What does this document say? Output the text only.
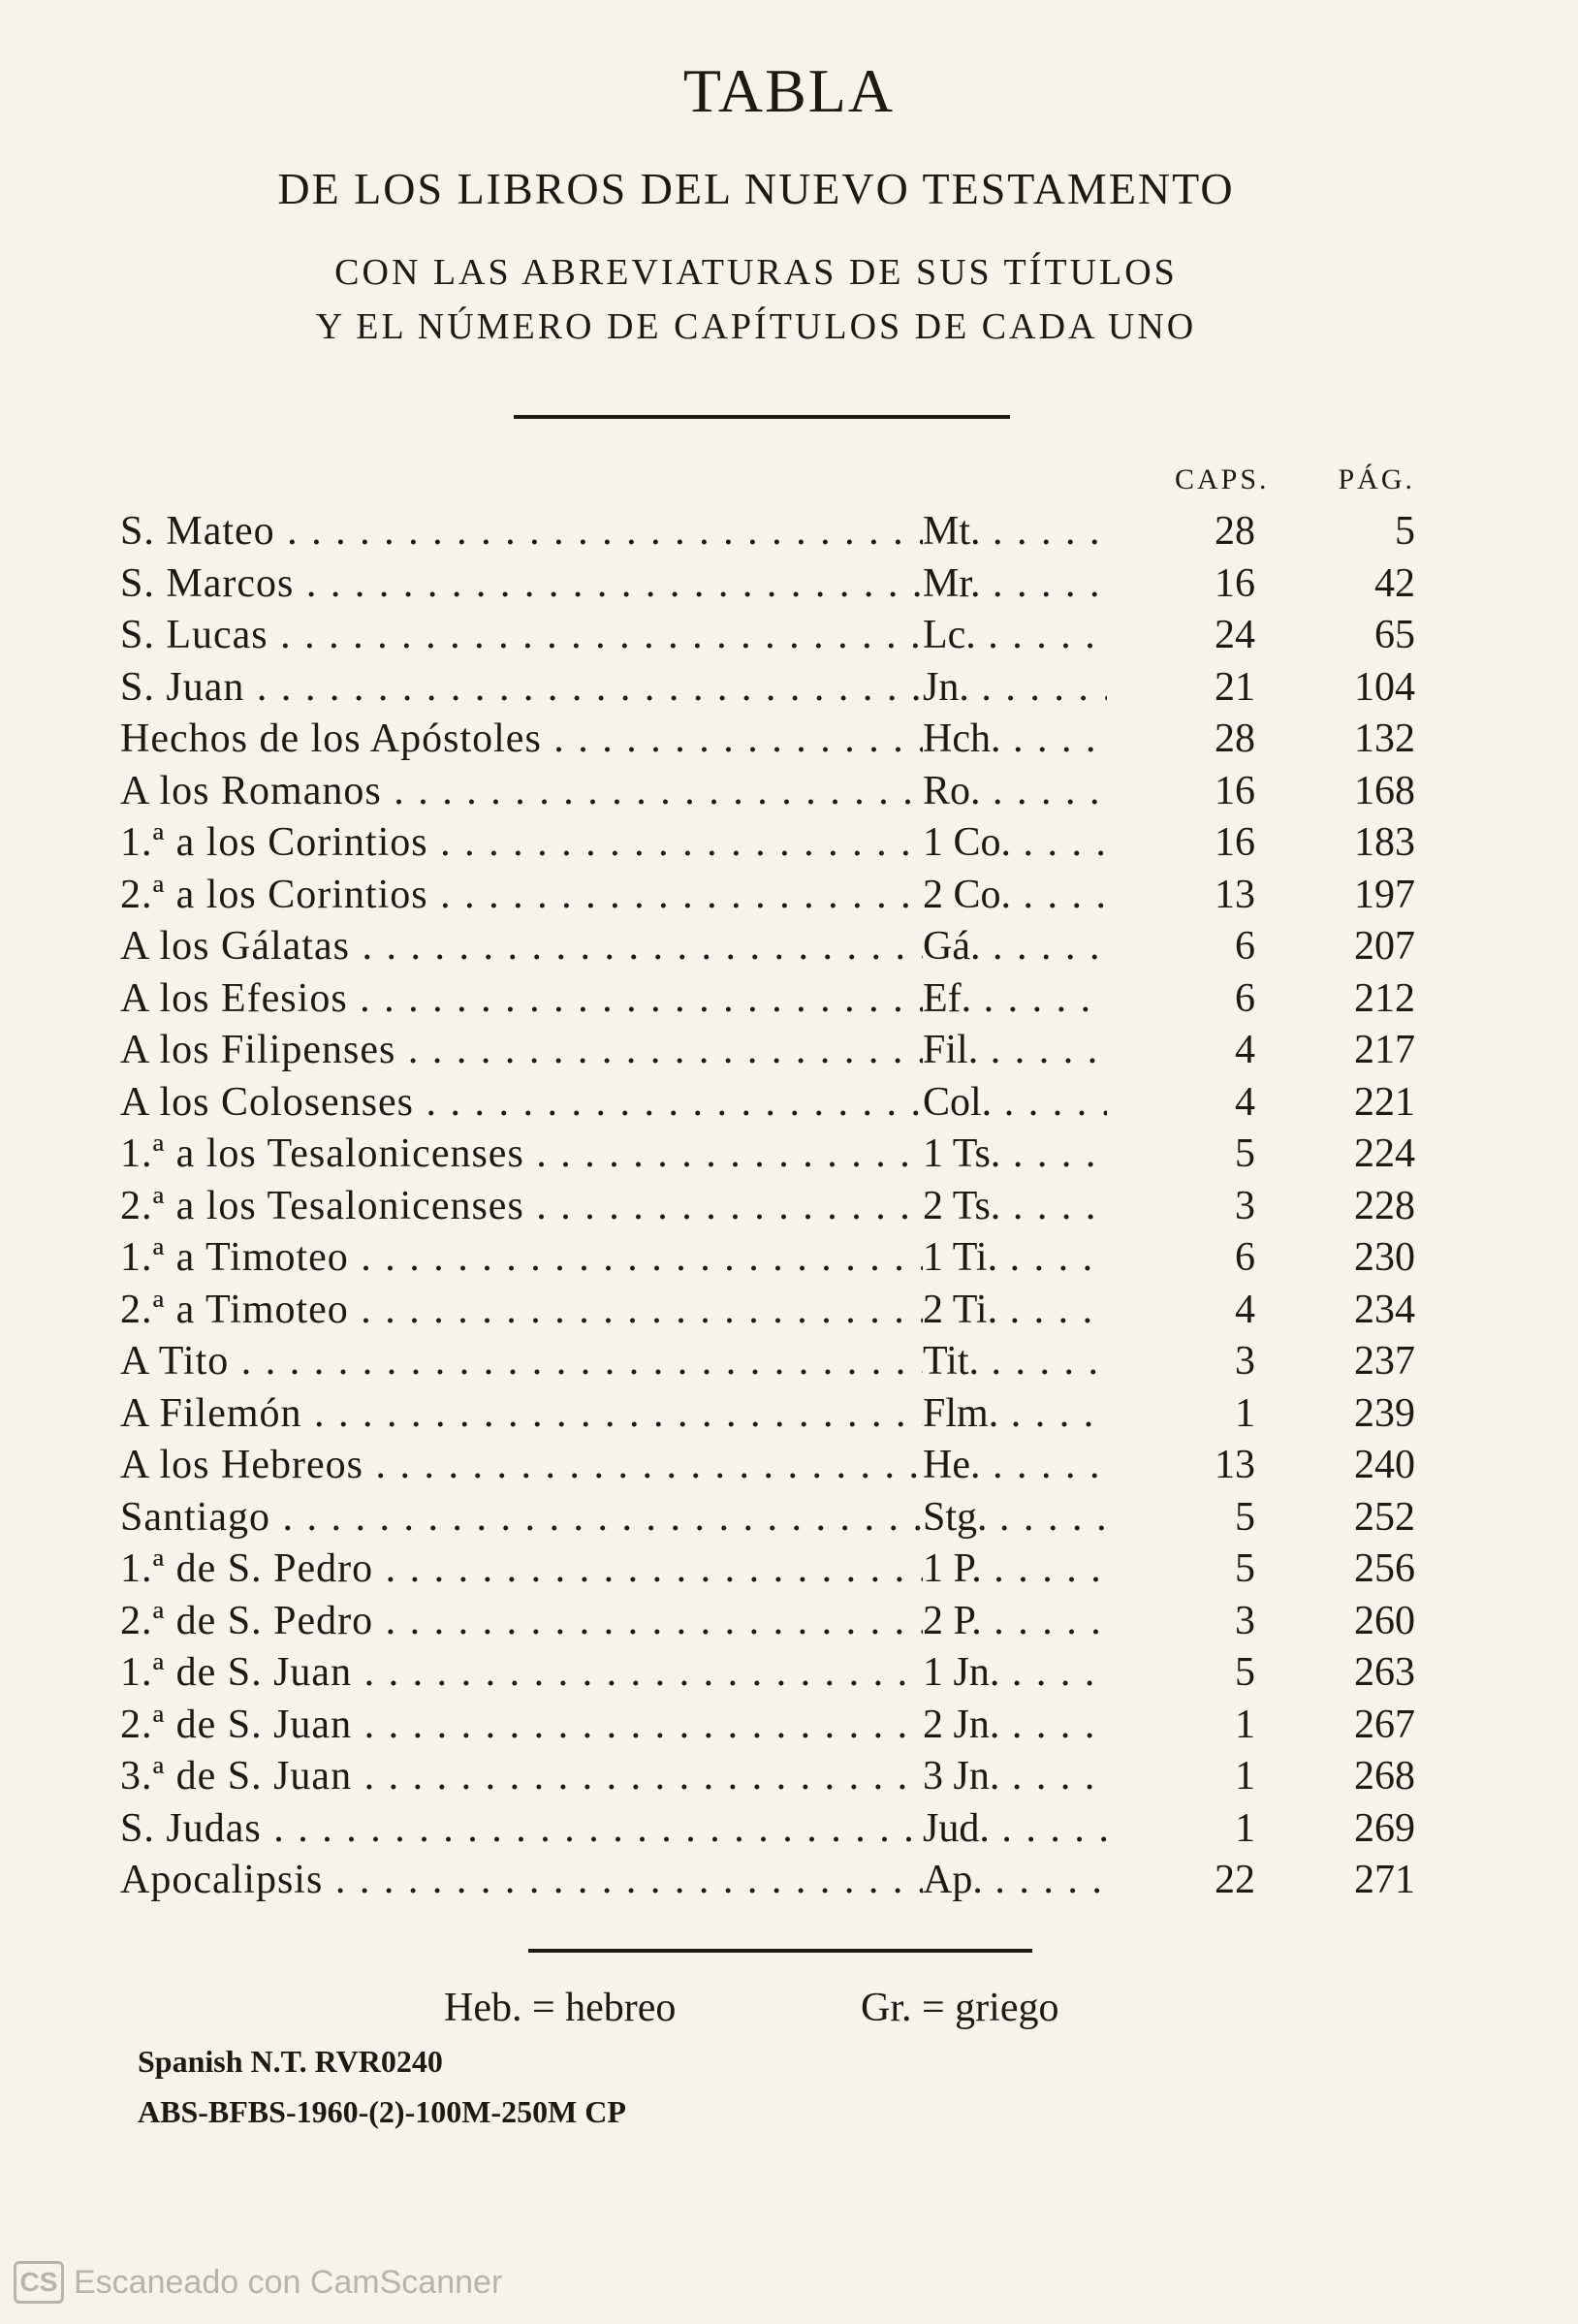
TABLA
DE LOS LIBROS DEL NUEVO TESTAMENTO
CON LAS ABREVIATURAS DE SUS TÍTULOS
Y EL NÚMERO DE CAPÍTULOS DE CADA UNO
CAPS.	PÁG.
S. Mateo . . .	Mt. . . .	28	5
S. Marcos . . .	Mr. . . .	16	42
S. Lucas . . .	Lc. . . .	24	65
S. Juan . . .	Jn. . . .	21	104
Hechos de los Apóstoles . . .	Hch. . . .	28	132
A los Romanos . . .	Ro. . . .	16	168
1.ª a los Corintios . . .	1 Co. . . .	16	183
2.ª a los Corintios . . .	2 Co. . . .	13	197
A los Gálatas . . .	Gá. . . .	6	207
A los Efesios . . .	Ef. . . .	6	212
A los Filipenses . . .	Fil. . . .	4	217
A los Colosenses . . .	Col. . . .	4	221
1.ª a los Tesalonicenses . . .	1 Ts. . . .	5	224
2.ª a los Tesalonicenses . . .	2 Ts. . . .	3	228
1.ª a Timoteo . . .	1 Ti. . . .	6	230
2.ª a Timoteo . . .	2 Ti. . . .	4	234
A Tito . . .	Tit. . . .	3	237
A Filemón . . .	Flm. . . .	1	239
A los Hebreos . . .	He. . . .	13	240
Santiago . . .	Stg. . . .	5	252
1.ª de S. Pedro . . .	1 P. . . .	5	256
2.ª de S. Pedro . . .	2 P. . . .	3	260
1.ª de S. Juan . . .	1 Jn. . . .	5	263
2.ª de S. Juan . . .	2 Jn. . . .	1	267
3.ª de S. Juan . . .	3 Jn. . . .	1	268
S. Judas . . .	Jud. . . .	1	269
Apocalipsis . . .	Ap. . . .	22	271
Heb. = hebreo	Gr. = griego
Spanish N.T. RVR0240
ABS-BFBS-1960-(2)-100M-250M CP
CS Escaneado con CamScanner
